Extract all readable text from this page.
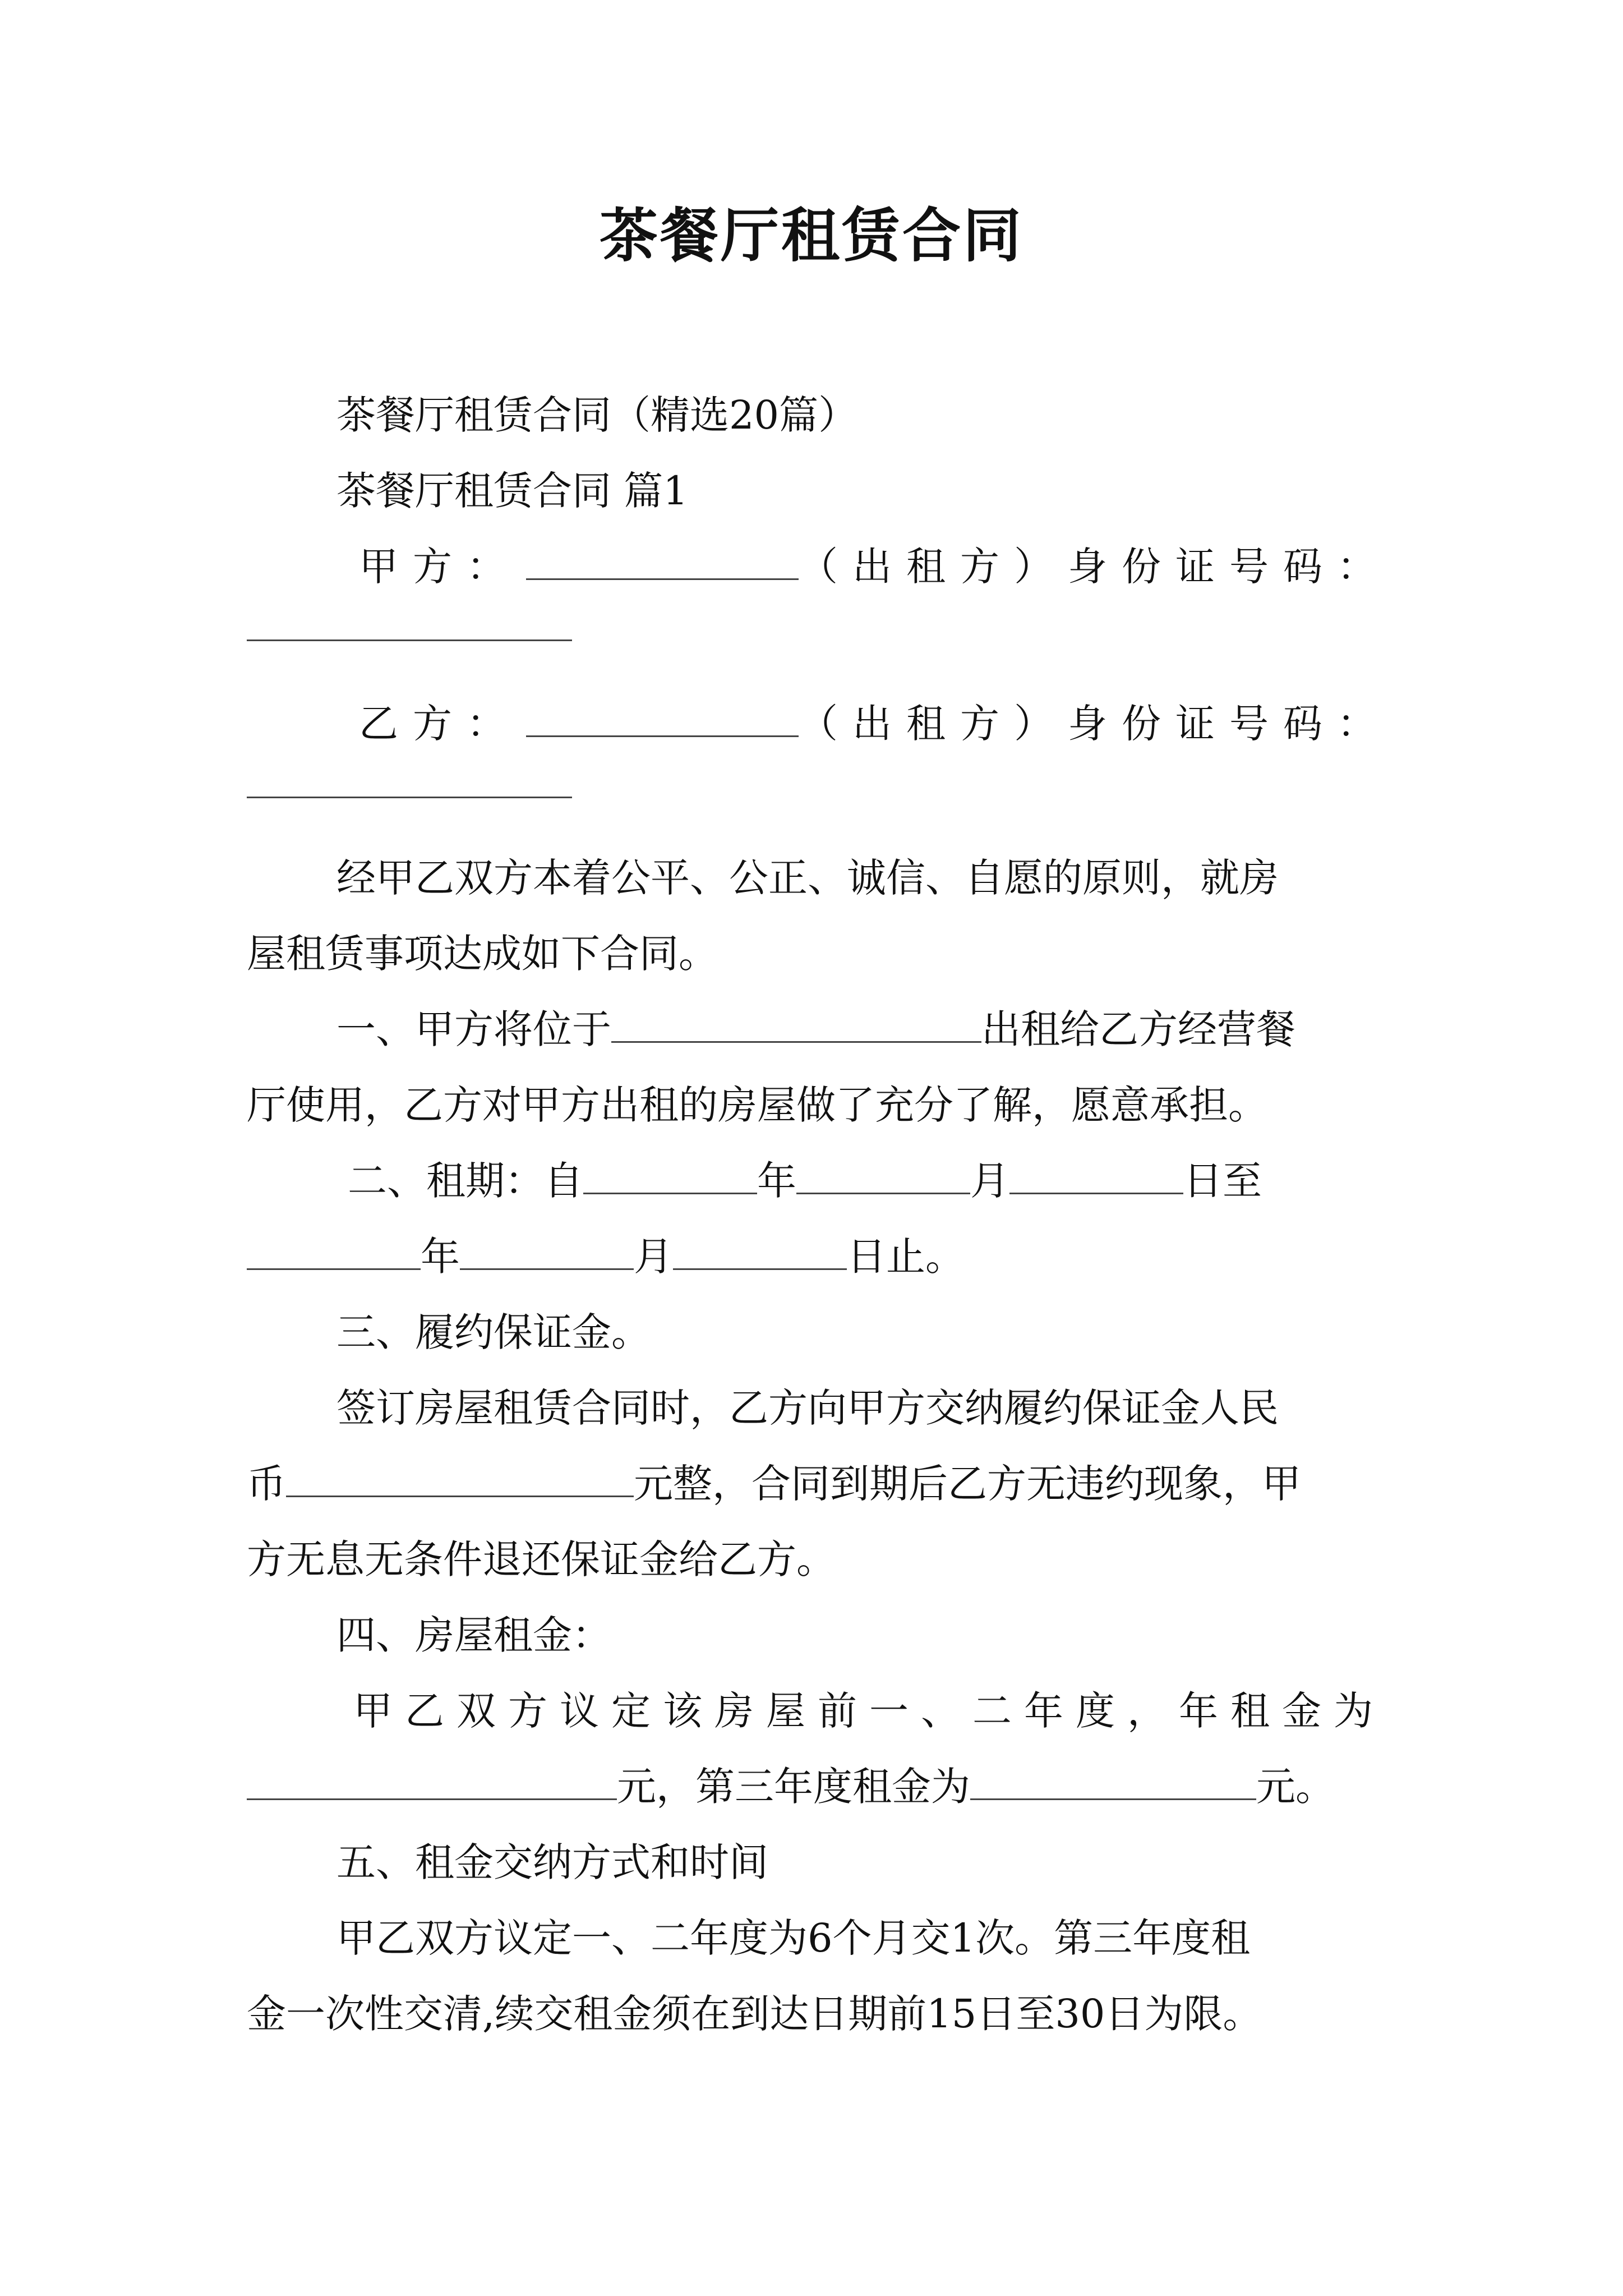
茶餐厅租赁合同
茶餐厅租赁合同（精选20篇）
茶餐厅租赁合同 篇1
甲方：	（出租方）身份证号码：
乙方：	（出租方）身份证号码：
经甲乙双方本着公平、公正、诚信、自愿的原则，就房
屋租赁事项达成如下合同。
一、甲方将位于	出租给乙方经营餐
厅使用，乙方对甲方出租的房屋做了充分了解，愿意承担。
二、租期：自	年	月	日至
年	月	日止。
三、履约保证金。
签订房屋租赁合同时，乙方向甲方交纳履约保证金人民
币	元整，合同到期后乙方无违约现象，甲
方无息无条件退还保证金给乙方。
四、房屋租金：
甲乙双方议定该房屋前一、二年度，年租金为
元，第三年度租金为	元。
五、租金交纳方式和时间
甲乙双方议定一、二年度为6个月交1次。第三年度租
金一次性交清,续交租金须在到达日期前15日至30日为限。
